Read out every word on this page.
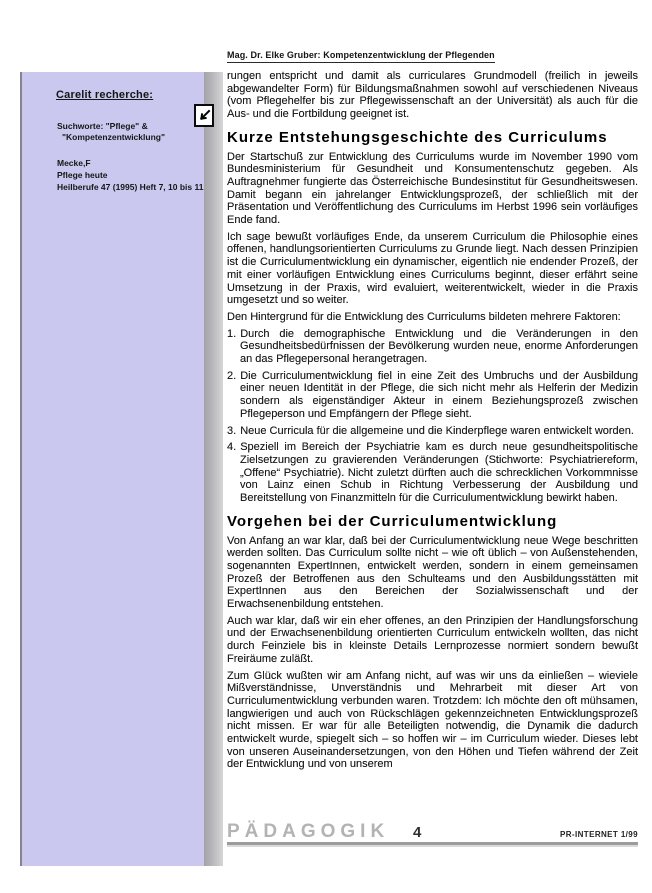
Mag. Dr. Elke Gruber: Kompetenzentwicklung der Pflegenden
Carelit recherche:
Suchworte: "Pflege" &
"Kompetenzentwicklung"
Mecke,F
Pflege heute
Heilberufe 47 (1995) Heft 7, 10 bis 11

rungen entspricht und damit als curriculares Grundmodell (freilich in jeweils abgewandelter Form) für Bildungsmaßnahmen sowohl auf verschiedenen Niveaus (vom Pflegehelfer bis zur Pflegewissenschaft an der Universität) als auch für die Aus- und die Fortbildung geeignet ist.

Kurze Entstehungsgeschichte des Curriculums

Der Startschuß zur Entwicklung des Curriculums wurde im November 1990 vom Bundesministerium für Gesundheit und Konsumentenschutz gegeben. Als Auftragnehmer fungierte das Österreichische Bundesinstitut für Gesundheitswesen. Damit begann ein jahrelanger Entwicklungsprozeß, der schließlich mit der Präsentation und Veröffentlichung des Curriculums im Herbst 1996 sein vorläufiges Ende fand.

Ich sage bewußt vorläufiges Ende, da unserem Curriculum die Philosophie eines offenen, handlungsorientierten Curriculums zu Grunde liegt. Nach dessen Prinzipien ist die Curriculumentwicklung ein dynamischer, eigentlich nie endender Prozeß, der mit einer vorläufigen Entwicklung eines Curriculums beginnt, dieser erfährt seine Umsetzung in der Praxis, wird evaluiert, weiterentwickelt, wieder in die Praxis umgesetzt und so weiter.

Den Hintergrund für die Entwicklung des Curriculums bildeten mehrere Faktoren:

1. Durch die demographische Entwicklung und die Veränderungen in den Gesundheitsbedürfnissen der Bevölkerung wurden neue, enorme Anforderungen an das Pflegepersonal herangetragen.
2. Die Curriculumentwicklung fiel in eine Zeit des Umbruchs und der Ausbildung einer neuen Identität in der Pflege, die sich nicht mehr als Helferin der Medizin sondern als eigenständiger Akteur in einem Beziehungsprozeß zwischen Pflegeperson und Empfängern der Pflege sieht.
3. Neue Curricula für die allgemeine und die Kinderpflege waren entwickelt worden.
4. Speziell im Bereich der Psychiatrie kam es durch neue gesundheitspolitische Zielsetzungen zu gravierenden Veränderungen (Stichworte: Psychiatriereform, „Offene“ Psychiatrie). Nicht zuletzt dürften auch die schrecklichen Vorkommnisse von Lainz einen Schub in Richtung Verbesserung der Ausbildung und Bereitstellung von Finanzmitteln für die Curriculumentwicklung bewirkt haben.
Vorgehen bei der Curriculumentwicklung

Von Anfang an war klar, daß bei der Curriculumentwicklung neue Wege beschritten werden sollten. Das Curriculum sollte nicht – wie oft üblich – von Außenstehenden, sogenannten ExpertInnen, entwickelt werden, sondern in einem gemeinsamen Prozeß der Betroffenen aus den Schulteams und den Ausbildungsstätten mit ExpertInnen aus den Bereichen der Sozialwissenschaft und der Erwachsenenbildung entstehen.

Auch war klar, daß wir ein eher offenes, an den Prinzipien der Handlungsforschung und der Erwachsenenbildung orientierten Curriculum entwickeln wollten, das nicht durch Feinziele bis in kleinste Details Lernprozesse normiert sondern bewußt Freiräume zuläßt.

Zum Glück wußten wir am Anfang nicht, auf was wir uns da einließen – wieviele Mißverständnisse, Unverständnis und Mehrarbeit mit dieser Art von Curriculumentwicklung verbunden waren. Trotzdem: Ich möchte den oft mühsamen, langwierigen und auch von Rückschlägen gekennzeichneten Entwicklungsprozeß nicht missen. Er war für alle Beteiligten notwendig, die Dynamik die dadurch entwickelt wurde, spiegelt sich – so hoffen wir – im Curriculum wieder. Dieses lebt von unseren Auseinandersetzungen, von den Höhen und Tiefen während der Zeit der Entwicklung und von unserem

PÄDAGOGIK	4	PR-INTERNET 1/99
